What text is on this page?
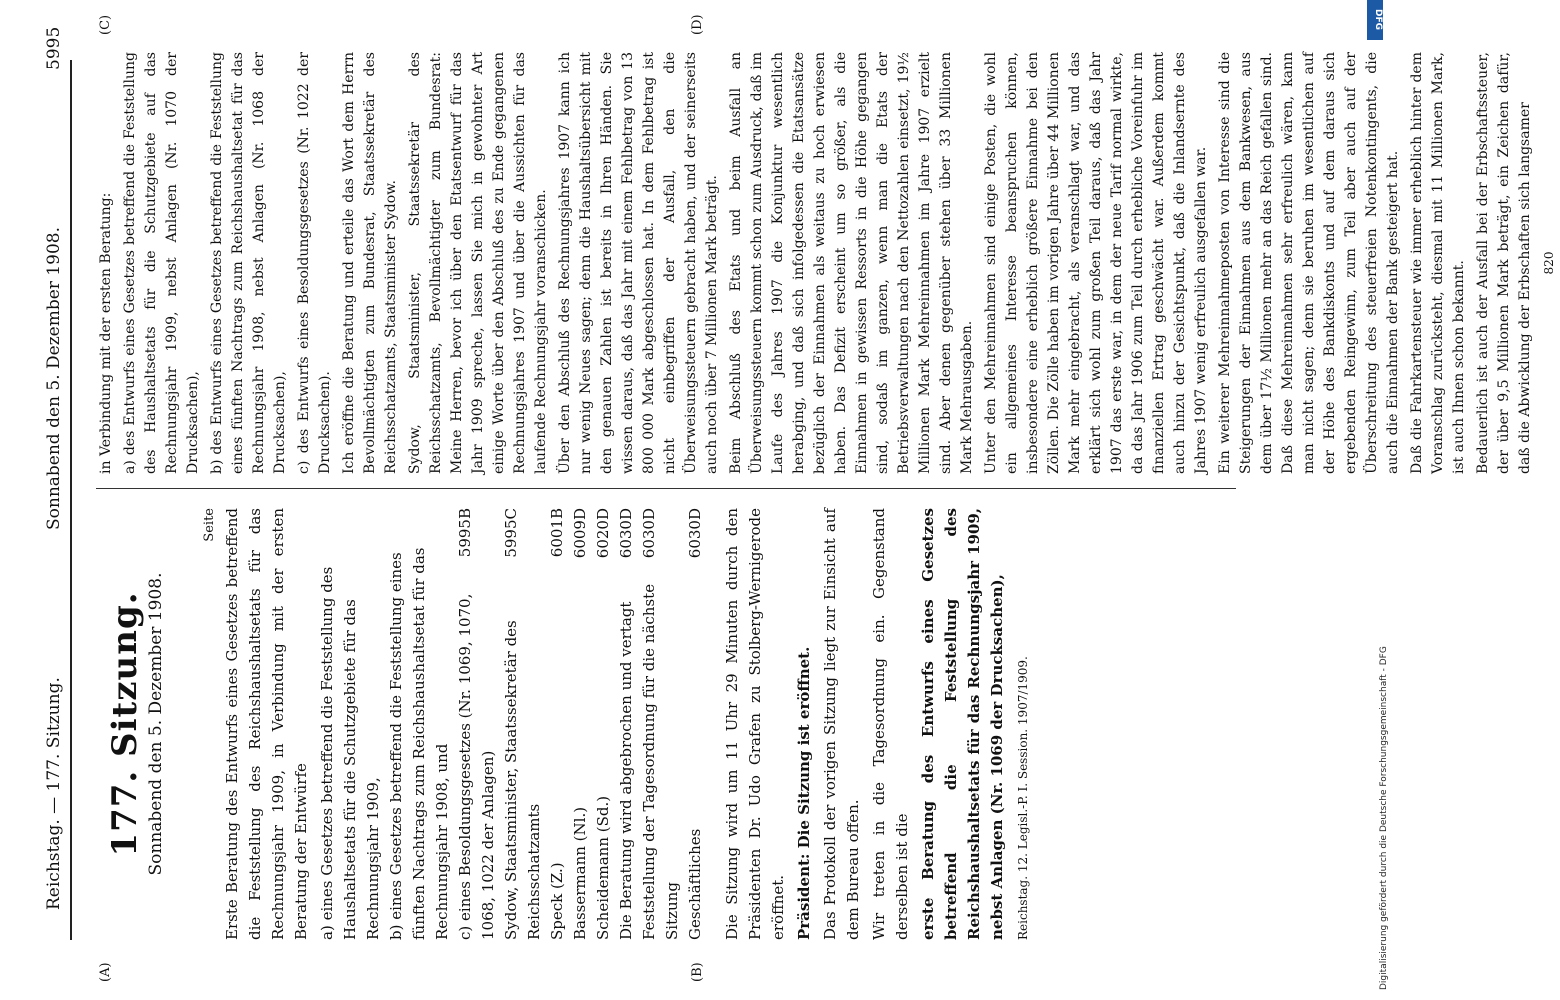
Reichstag. — 177. Sitzung.
Sonnabend den 5. Dezember 1908.
5995
(A)	(B)
(C)	(D)
177. Sitzung. Sonnabend den 5. Dezember 1908.
Seite Erste Beratung des Entwurfs eines Gesetzes betreffend die Feststellung des Reichshaushaltsetats für das Rechnungsjahr 1909, in Verbindung mit der ersten Beratung der Entwürfe a) eines Gesetzes betreffend die Feststellung des Haushaltsetats für die Schutzgebiete für das Rechnungsjahr 1909, b) eines Gesetzes betreffend die Feststellung eines fünften Nachtrags zum Reichshaushaltsetat für das Rechnungsjahr 1908, und c) eines Besoldungsgesetzes (Nr. 1069, 1070, 1068, 1022 der Anlagen)
5995B
Sydow, Staatsminister, Staatssekretär des Reichsschatzamts
5995C
Speck (Z.)
6001B
Bassermann (Nl.)
6009D
Scheidemann (Sd.)
6020D
Die Beratung wird abgebrochen und vertagt
6030D
Feststellung der Tagesordnung für die nächste Sitzung
6030D
Geschäftliches
6030D Die Sitzung wird um 11 Uhr 29 Minuten durch den Präsidenten Dr. Udo Grafen zu Stolberg-Wernigerode eröffnet. Präsident: Die Sitzung ist eröffnet. Das Protokoll der vorigen Sitzung liegt zur Einsicht auf dem Bureau offen. Wir treten in die Tagesordnung ein. Gegenstand derselben ist die erste Beratung des Entwurfs eines Gesetzes betreffend die Feststellung des Reichshaushaltsetats für das Rechnungsjahr 1909, nebst Anlagen (Nr. 1069 der Drucksachen), Reichstag. 12. Legisl.-P. I. Session. 1907/1909.

in Verbindung mit der ersten Beratung: a) des Entwurfs eines Gesetzes betreffend die Feststellung des Haushaltsetats für die Schutzgebiete auf das Rechnungsjahr 1909, nebst Anlagen (Nr. 1070 der Drucksachen), b) des Entwurfs eines Gesetzes betreffend die Feststellung eines fünften Nachtrags zum Reichshaushaltsetat für das Rechnungsjahr 1908, nebst Anlagen (Nr. 1068 der Drucksachen), c) des Entwurfs eines Besoldungsgesetzes (Nr. 1022 der Drucksachen). Ich eröffne die Beratung und erteile das Wort dem Herrn Bevollmächtigten zum Bundesrat, Staatssekretär des Reichsschatzamts, Staatsminister Sydow. Sydow, Staatsminister, Staatssekretär des Reichsschatzamts, Bevollmächtigter zum Bundesrat: Meine Herren, bevor ich über den Etatsentwurf für das Jahr 1909 spreche, lassen Sie mich in gewohnter Art einige Worte über den Abschluß des zu Ende gegangenen Rechnungsjahres 1907 und über die Aussichten für das laufende Rechnungsjahr voranschicken. Über den Abschluß des Rechnungsjahres 1907 kann ich nur wenig Neues sagen; denn die Haushaltsübersicht mit den genauen Zahlen ist bereits in Ihren Händen. Sie wissen daraus, daß das Jahr mit einem Fehlbetrag von 13 800 000 Mark abgeschlossen hat. In dem Fehlbetrag ist nicht einbegriffen der Ausfall, den die Überweisungssteuern gebracht haben, und der seinerseits auch noch über 7 Millionen Mark beträgt. Beim Abschluß des Etats und beim Ausfall an Überweisungssteuern kommt schon zum Ausdruck, daß im Laufe des Jahres 1907 die Konjunktur wesentlich herabging, und daß sich infolgedessen die Etatsansätze bezüglich der Einnahmen als weitaus zu hoch erwiesen haben. Das Defizit erscheint um so größer, als die Einnahmen in gewissen Ressorts in die Höhe gegangen sind, sodaß im ganzen, wenn man die Etats der Betriebsverwaltungen nach den Nettozahlen einsetzt, 19½ Millionen Mark Mehreinnahmen im Jahre 1907 erzielt sind. Aber denen gegenüber stehen über 33 Millionen Mark Mehrausgaben. Unter den Mehreinnahmen sind einige Posten, die wohl ein allgemeines Interesse beanspruchen können, insbesondere eine erheblich größere Einnahme bei den Zöllen. Die Zölle haben im vorigen Jahre über 44 Millionen Mark mehr eingebracht, als veranschlagt war, und das erklärt sich wohl zum großen Teil daraus, daß das Jahr 1907 das erste war, in dem der neue Tarif normal wirkte, da das Jahr 1906 zum Teil durch erhebliche Voreinfuhr im finanziellen Ertrag geschwächt war. Außerdem kommt auch hinzu der Gesichtspunkt, daß die Inlandsernte des Jahres 1907 wenig erfreulich ausgefallen war. Ein weiterer Mehreinnahmeposten von Interesse sind die Steigerungen der Einnahmen aus dem Bankwesen, aus dem über 17½ Millionen mehr an das Reich gefallen sind. Daß diese Mehreinnahmen sehr erfreulich wären, kann man nicht sagen; denn sie beruhen im wesentlichen auf der Höhe des Bankdiskonts und auf dem daraus sich ergebenden Reingewinn, zum Teil aber auch auf der Überschreitung des steuerfreien Notenkontingents, die auch die Einnahmen der Bank gesteigert hat. Daß die Fahrkartensteuer wie immer erheblich hinter dem Voranschlag zurücksteht, diesmal mit 11 Millionen Mark, ist auch Ihnen schon bekannt. Bedauerlich ist auch der Ausfall bei der Erbschaftssteuer, der über 9,5 Millionen Mark beträgt, ein Zeichen dafür, daß die Abwicklung der Erbschaften sich langsamer 820
DFG
Digitalisierung gefördert durch die Deutsche Forschungsgemeinschaft - DFG
